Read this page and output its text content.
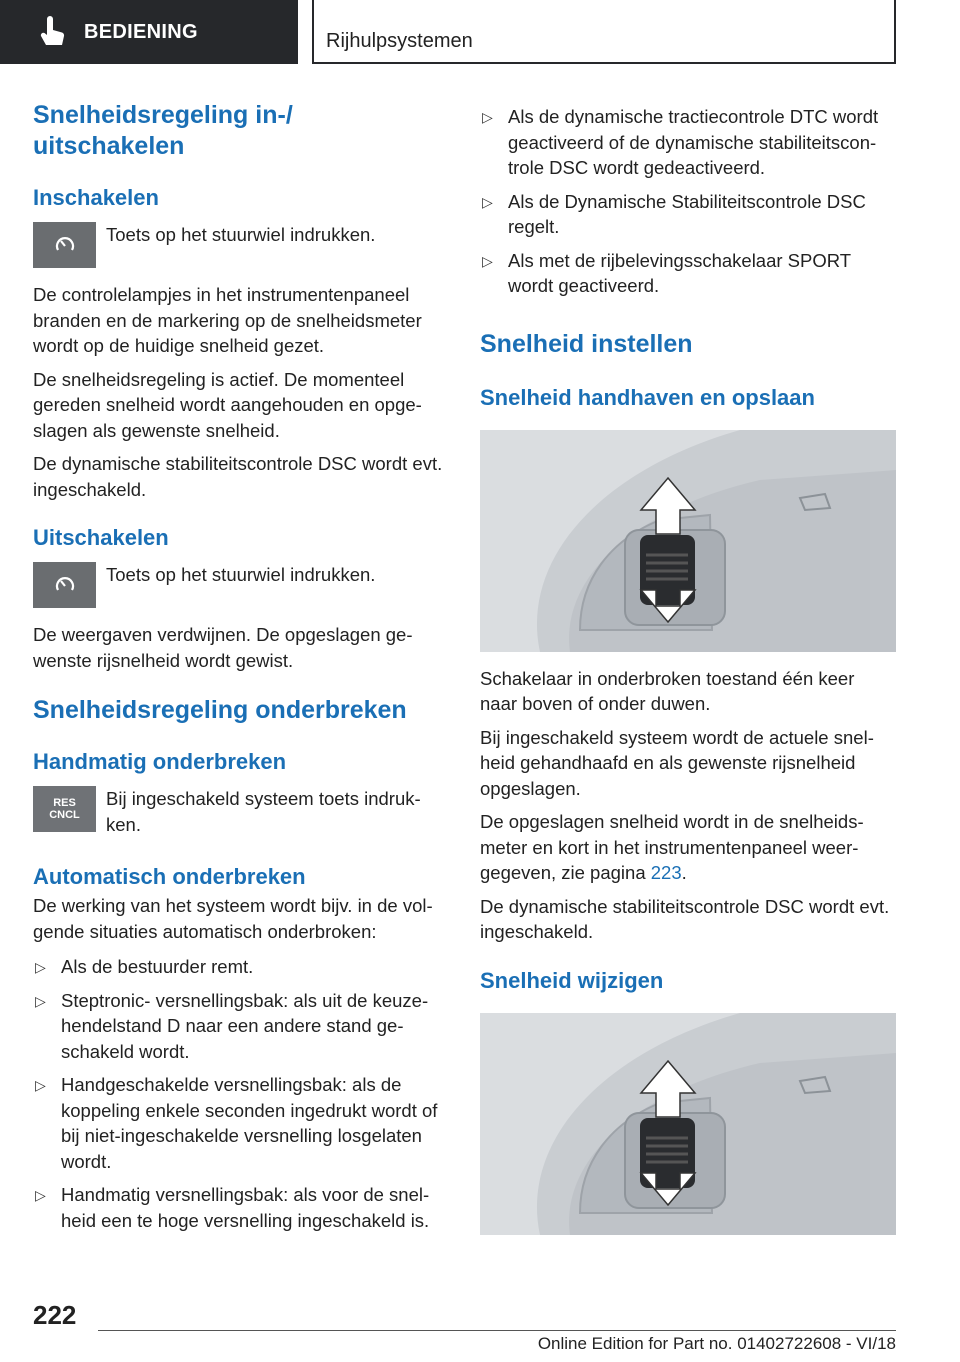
BEDIENING	Rijhulpsystemen
Snelheidsregeling in-/ uitschakelen
Inschakelen
Toets op het stuurwiel indrukken.

De controlelampjes in het instrumentenpaneel branden en de markering op de snelheidsmeter wordt op de huidige snelheid gezet.

De snelheidsregeling is actief. De momenteel gereden snelheid wordt aangehouden en opgeslagen als gewenste snelheid.

De dynamische stabiliteitscontrole DSC wordt evt. ingeschakeld.

Uitschakelen
Toets op het stuurwiel indrukken.

De weergaven verdwijnen. De opgeslagen gewenste rijsnelheid wordt gewist.

Snelheidsregeling onderbreken
Handmatig onderbreken
RES
CNCL
Bij ingeschakeld systeem toets indrukken.
Automatisch onderbreken

De werking van het systeem wordt bijv. in de volgende situaties automatisch onderbroken:

▷ Als de bestuurder remt.
▷ Steptronic- versnellingsbak: als uit de keuzehendelstand D naar een andere stand geschakeld wordt.
▷ Handgeschakelde versnellingsbak: als de koppeling enkele seconden ingedrukt wordt of bij niet-ingeschakelde versnelling losgelaten wordt.
▷ Handmatig versnellingsbak: als voor de snelheid een te hoge versnelling ingeschakeld is.
▷ Als de dynamische tractiecontrole DTC wordt geactiveerd of de dynamische stabiliteitscontrole DSC wordt gedeactiveerd.
▷ Als de Dynamische Stabiliteitscontrole DSC regelt.
▷ Als met de rijbelevingsschakelaar SPORT wordt geactiveerd.
Snelheid instellen
Snelheid handhaven en opslaan

Schakelaar in onderbroken toestand één keer naar boven of onder duwen.

Bij ingeschakeld systeem wordt de actuele snelheid gehandhaafd en als gewenste rijsnelheid opgeslagen.

De opgeslagen snelheid wordt in de snelheidsmeter en kort in het instrumentenpaneel weergegeven, zie pagina 223.

De dynamische stabiliteitscontrole DSC wordt evt. ingeschakeld.

Snelheid wijzigen
222
Online Edition for Part no. 01402722608 - VI/18
